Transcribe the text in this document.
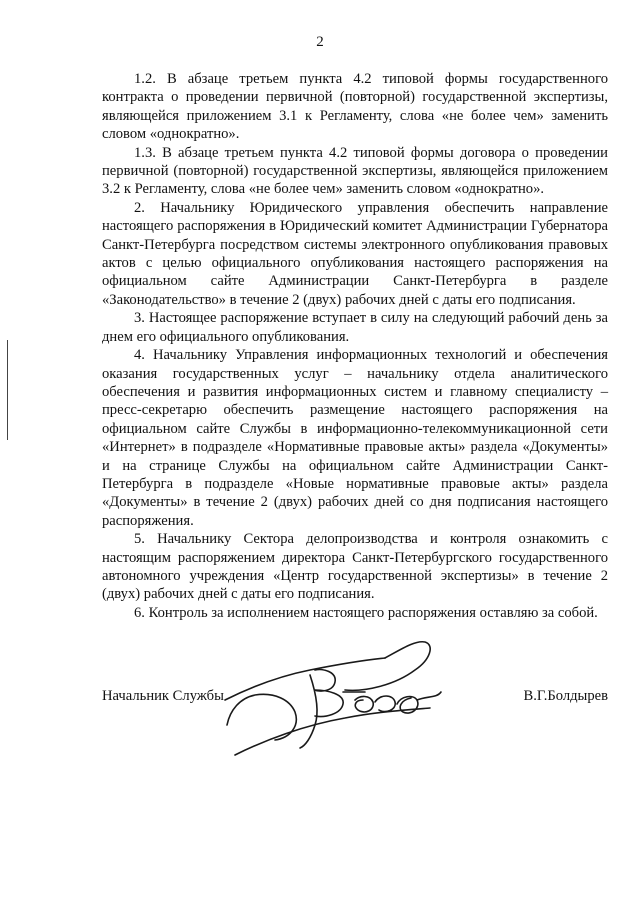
2

1.2. В абзаце третьем пункта 4.2 типовой формы государственного контракта о проведении первичной (повторной) государственной экспертизы, являющейся приложением 3.1 к Регламенту, слова «не более чем» заменить словом «однократно».

1.3. В абзаце третьем пункта 4.2 типовой формы договора о проведении первичной (повторной) государственной экспертизы, являющейся приложением 3.2 к Регламенту, слова «не более чем» заменить словом «однократно».

2. Начальнику Юридического управления обеспечить направление настоящего распоряжения в Юридический комитет Администрации Губернатора Санкт-Петербурга посредством системы электронного опубликования правовых актов с целью официального опубликования настоящего распоряжения на официальном сайте Администрации Санкт-Петербурга в разделе «Законодательство» в течение 2 (двух) рабочих дней с даты его подписания.

3. Настоящее распоряжение вступает в силу на следующий рабочий день за днем его официального опубликования.

4. Начальнику Управления информационных технологий и обеспечения оказания государственных услуг – начальнику отдела аналитического обеспечения и развития информационных систем и главному специалисту – пресс-секретарю обеспечить размещение настоящего распоряжения на официальном сайте Службы в информационно-телекоммуникационной сети «Интернет» в подразделе «Нормативные правовые акты» раздела «Документы» и на странице Службы на официальном сайте Администрации Санкт-Петербурга в подразделе «Новые нормативные правовые акты» раздела «Документы» в течение 2 (двух) рабочих дней со дня подписания настоящего распоряжения.

5. Начальнику Сектора делопроизводства и контроля ознакомить с настоящим распоряжением директора Санкт-Петербургского государственного автономного учреждения «Центр государственной экспертизы» в течение 2 (двух) рабочих дней с даты его подписания.

6. Контроль за исполнением настоящего распоряжения оставляю за собой.

Начальник Службы	В.Г.Болдырев
